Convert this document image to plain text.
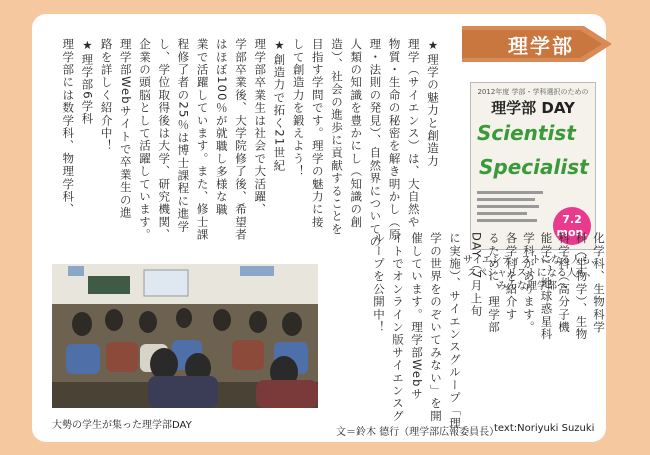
理学部
2012年度 学部・学科選択のための
理学部 DAY
Scientist
Specialist
7.2
mon.
サイエンティストになる人も、
スペシャリストになる人も、
みんな理学部へ
大勢の学生が集った理学部DAY
★理学の魅力と創造力
理学（サイエンス）は、大自然や
物質・生命の秘密を解き明かし（原
理・法則の発見）、自然界についての
人類の知識を豊かにし（知識の創
造）、社会の進歩に貢献することを
目指す学問です。理学の魅力に接
して創造力を鍛えよう！
★創造力で拓く21世紀
理学部卒業生は社会で大活躍、
学部卒業後、大学院修了後、希望者
はほぼ100％が就職し多様な職
業で活躍しています。また、修士課
程修了者の25％は博士課程に進学
し、学位取得後は大学、研究機関、
企業の頭脳として活躍しています。
理学部Webサイトで卒業生の進
路を詳しく紹介中！
★理学部6学科
理学部には数学科、物理学科、
化学科、生物科学
科（生物学）、生物
科学科（高分子機
能学）、地球惑星科
学科があります。
各学科を紹介す
るために、理学部
DAY（7月上旬
に実施）、サイエンスグループ「理
学の世界をのぞいてみない」を開
催しています。理学部Webサ
イトでオンライン版サイエンスグ
ループを公開中！
文＝鈴木 德行（理学部広報委員長）
text:Noriyuki Suzuki
